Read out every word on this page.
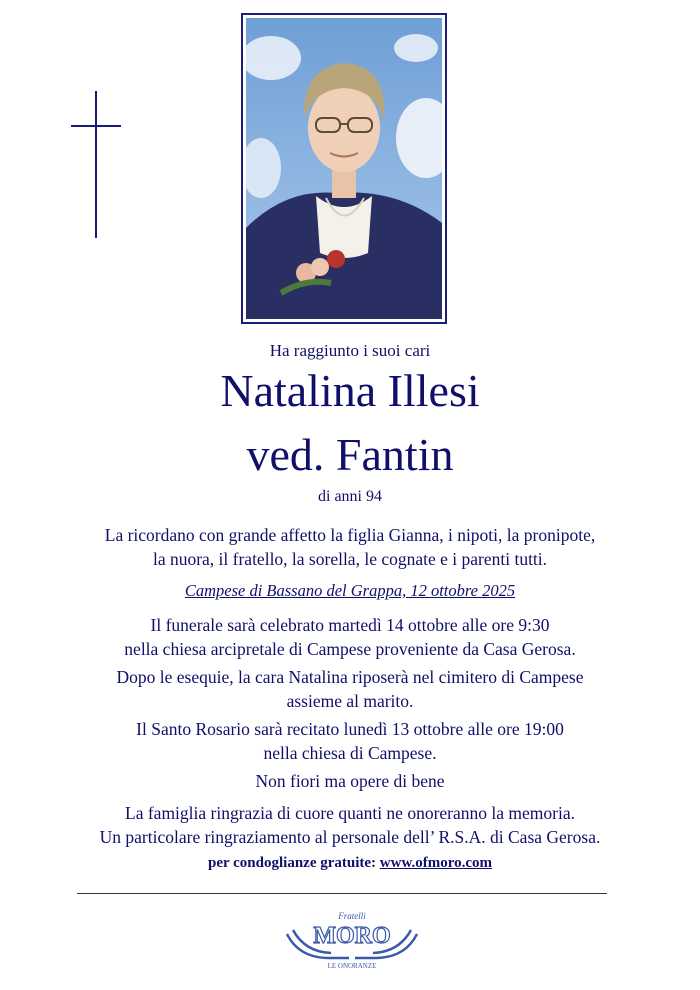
Ha raggiunto i suoi cari
Natalina Illesi
ved. Fantin
di anni 94
La ricordano con grande affetto la figlia Gianna, i nipoti, la pronipote,
la nuora, il fratello, la sorella, le cognate e i parenti tutti.
Campese di Bassano del Grappa, 12 ottobre 2025
Il funerale sarà celebrato martedì 14 ottobre alle ore 9:30
nella chiesa arcipretale di Campese proveniente da Casa Gerosa.
Dopo le esequie, la cara Natalina riposerà nel cimitero di Campese
assieme al marito.
Il Santo Rosario sarà recitato lunedì 13 ottobre alle ore 19:00
nella chiesa di Campese.
Non fiori ma opere di bene
La famiglia ringrazia di cuore quanti ne onoreranno la memoria.
Un particolare ringraziamento al personale dell’ R.S.A. di Casa Gerosa.
per condoglianze gratuite: www.ofmoro.com
Fratelli
MORO
LE ONORANZE
